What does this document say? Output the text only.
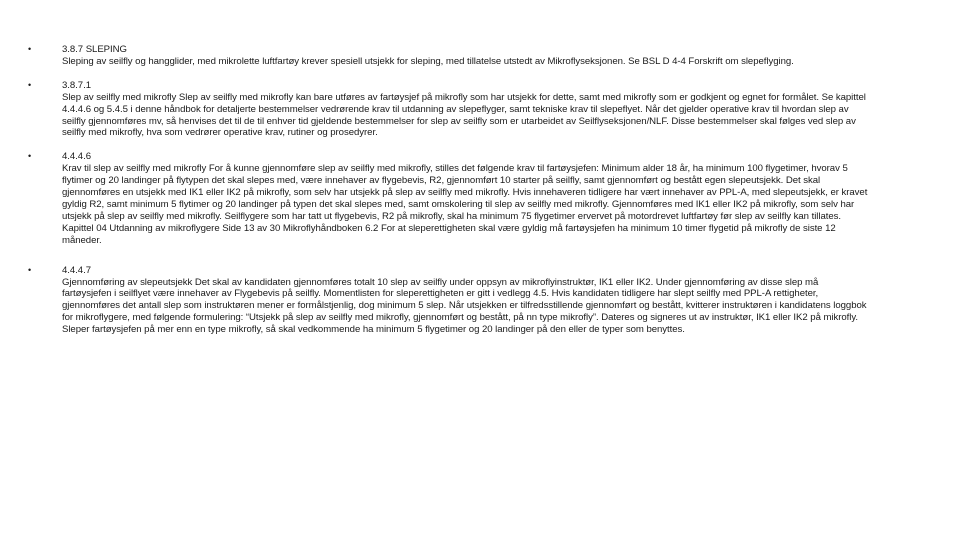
•	3.8.7 SLEPING
Sleping av seilfly og hangglider, med mikrolette luftfartøy krever spesiell utsjekk for sleping, med tillatelse utstedt av Mikroflyseksjonen. Se BSL D 4-4 Forskrift om slepeflyging.
•	3.8.7.1
Slep av seilfly med mikrofly Slep av seilfly med mikrofly kan bare utføres av fartøysjef på mikrofly som har utsjekk for dette, samt med mikrofly som er godkjent og egnet for formålet. Se kapittel 4.4.4.6 og 5.4.5 i denne håndbok for detaljerte bestemmelser vedrørende krav til utdanning av slepeflyger, samt tekniske krav til slepeflyet. Når det gjelder operative krav til hvordan slep av seilfly gjennomføres mv, så henvises det til de til enhver tid gjeldende bestemmelser for slep av seilfly som er utarbeidet av Seilflyseksjonen/NLF. Disse bestemmelser skal følges ved slep av seilfly med mikrofly, hva som vedrører operative krav, rutiner og prosedyrer.
•	4.4.4.6
Krav til slep av seilfly med mikrofly For å kunne gjennomføre slep av seilfly med mikrofly, stilles det følgende krav til fartøysjefen: Minimum alder 18 år, ha minimum 100 flygetimer, hvorav 5 flytimer og 20 landinger på flytypen det skal slepes med, være innehaver av flygebevis, R2, gjennomført 10 starter på seilfly, samt gjennomført og bestått egen slepeutsjekk. Det skal gjennomføres en utsjekk med IK1 eller IK2 på mikrofly, som selv har utsjekk på slep av seilfly med mikrofly. Hvis innehaveren tidligere har vært innehaver av PPL-A, med slepeutsjekk, er kravet gyldig R2, samt minimum 5 flytimer og 20 landinger på typen det skal slepes med, samt omskolering til slep av seilfly med mikrofly. Gjennomføres med IK1 eller IK2 på mikrofly, som selv har utsjekk på slep av seilfly med mikrofly. Seilflygere som har tatt ut flygebevis, R2 på mikrofly, skal ha minimum 75 flygetimer ervervet på motordrevet luftfartøy før slep av seilfly kan tillates. Kapittel 04 Utdanning av mikroflygere Side 13 av 30 Mikroflyhåndboken 6.2 For at sleperettigheten skal være gyldig må fartøysjefen ha minimum 10 timer flygetid på mikrofly de siste 12 måneder.
•	4.4.4.7
Gjennomføring av slepeutsjekk Det skal av kandidaten gjennomføres totalt 10 slep av seilfly under oppsyn av mikroflyinstruktør, IK1 eller IK2. Under gjennomføring av disse slep må fartøysjefen i seilflyet være innehaver av Flygebevis på seilfly. Momentlisten for sleperettigheten er gitt i vedlegg 4.5. Hvis kandidaten tidligere har slept seilfly med PPL-A rettigheter, gjennomføres det antall slep som instruktøren mener er formålstjenlig, dog minimum 5 slep. Når utsjekken er tilfredsstillende gjennomført og bestått, kvitterer instruktøren i kandidatens loggbok for mikroflygere, med følgende formulering: “Utsjekk på slep av seilfly med mikrofly, gjennomført og bestått, på nn type mikrofly”. Dateres og signeres ut av instruktør, IK1 eller IK2 på mikrofly. Sleper fartøysjefen på mer enn en type mikrofly, så skal vedkommende ha minimum 5 flygetimer og 20 landinger på den eller de typer som benyttes.
